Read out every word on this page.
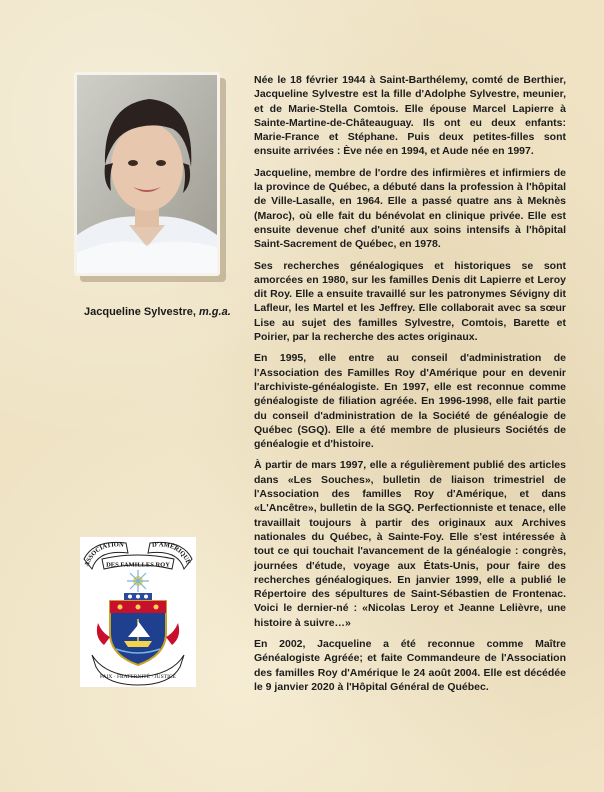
Jacqueline Sylvestre, m.g.a.

Née le 18 février 1944 à Saint-Barthélemy, comté de Berthier, Jacqueline Sylvestre est la fille d'Adolphe Sylvestre, meunier, et de Marie-Stella Comtois. Elle épouse Marcel Lapierre à Sainte-Martine-de-Châteauguay. Ils ont eu deux enfants: Marie-France et Stéphane. Puis deux petites-filles sont ensuite arrivées : Ève née en 1994, et Aude née en 1997.

Jacqueline, membre de l'ordre des infirmières et infirmiers de la province de Québec, a débuté dans la profession à l'hôpital de Ville-Lasalle, en 1964. Elle a passé quatre ans à Meknès (Maroc), où elle fait du bénévolat en clinique privée. Elle est ensuite devenue chef d'unité aux soins intensifs à l'hôpital Saint-Sacrement de Québec, en 1978.

Ses recherches généalogiques et historiques se sont amorcées en 1980, sur les familles Denis dit Lapierre et Leroy dit Roy. Elle a ensuite travaillé sur les patronymes Sévigny dit Lafleur, les Martel et les Jeffrey. Elle collaborait avec sa sœur Lise au sujet des familles Sylvestre, Comtois, Barette et Poirier, par la recherche des actes originaux.

En 1995, elle entre au conseil d'administration de l'Association des Familles Roy d'Amérique pour en devenir l'archiviste-généalogiste. En 1997, elle est reconnue comme généalogiste de filiation agréée. En 1996-1998, elle fait partie du conseil d'administration de la Société de généalogie de Québec (SGQ). Elle a été membre de plusieurs Sociétés de généalogie et d'histoire.

À partir de mars 1997, elle a régulièrement publié des articles dans «Les Souches», bulletin de liaison trimestriel de l'Association des familles Roy d'Amérique, et dans «L'Ancêtre», bulletin de la SGQ. Perfectionniste et tenace, elle travaillait toujours à partir des originaux aux Archives nationales du Québec, à Sainte-Foy. Elle s'est intéressée à tout ce qui touchait l'avancement de la généalogie : congrès, journées d'étude, voyage aux États-Unis, pour faire des recherches généalogiques. En janvier 1999, elle a publié le Répertoire des sépultures de Saint-Sébastien de Frontenac. Voici le dernier-né : «Nicolas Leroy et Jeanne Lelièvre, une histoire à suivre…»

En 2002, Jacqueline a été reconnue comme Maître Généalogiste Agréée; et faite Commandeure de l'Association des familles Roy d'Amérique le 24 août 2004. Elle est décédée le 9 janvier 2020 à l'Hôpital Général de Québec.

ASSOCIATION	D'AMÉRIQUE
DES FAMILLES ROY
PAIX · FRATERNITÉ · JUSTICE
